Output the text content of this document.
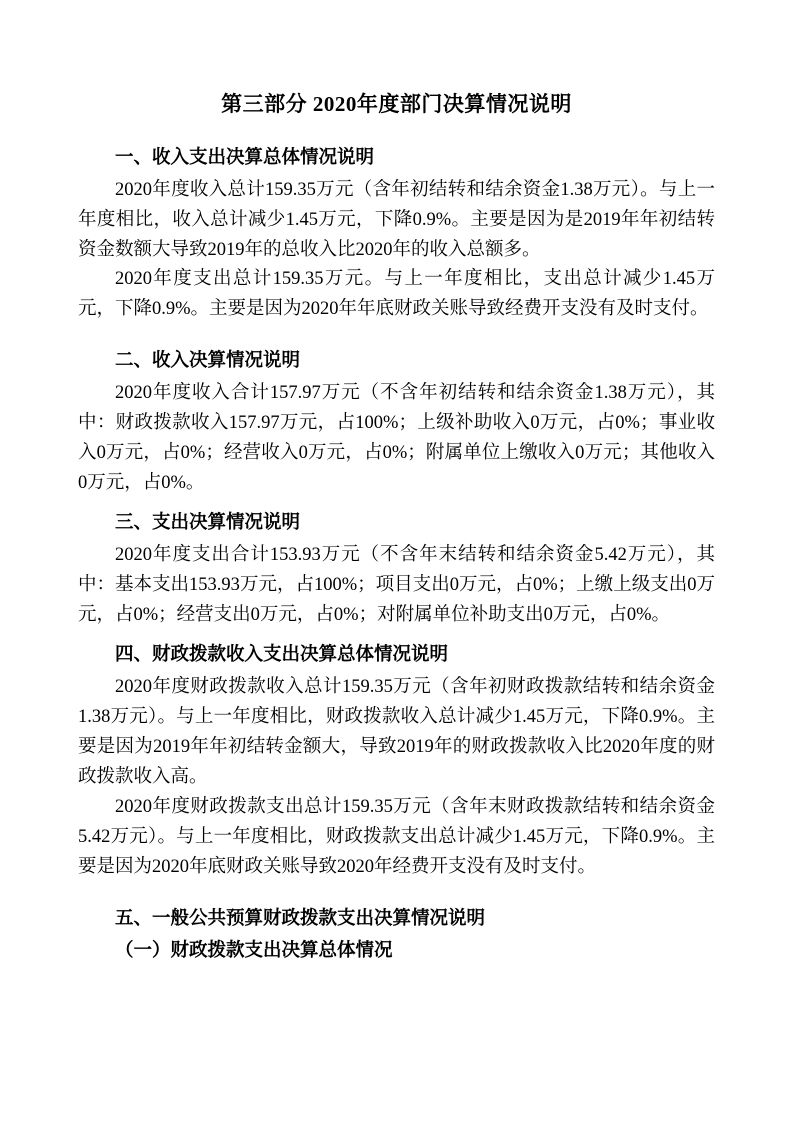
第三部分 2020年度部门决算情况说明
一、收入支出决算总体情况说明

2020年度收入总计159.35万元（含年初结转和结余资金1.38万元）。与上一年度相比，收入总计减少1.45万元，下降0.9%。主要是因为是2019年年初结转资金数额大导致2019年的总收入比2020年的收入总额多。

2020年度支出总计159.35万元。与上一年度相比，支出总计减少1.45万元，下降0.9%。主要是因为2020年年底财政关账导致经费开支没有及时支付。

二、收入决算情况说明

2020年度收入合计157.97万元（不含年初结转和结余资金1.38万元），其中：财政拨款收入157.97万元，占100%；上级补助收入0万元，占0%；事业收入0万元，占0%；经营收入0万元，占0%；附属单位上缴收入0万元；其他收入0万元，占0%。

三、支出决算情况说明

2020年度支出合计153.93万元（不含年末结转和结余资金5.42万元），其中：基本支出153.93万元，占100%；项目支出0万元，占0%；上缴上级支出0万元，占0%；经营支出0万元，占0%；对附属单位补助支出0万元，占0%。

四、财政拨款收入支出决算总体情况说明

2020年度财政拨款收入总计159.35万元（含年初财政拨款结转和结余资金1.38万元）。与上一年度相比，财政拨款收入总计减少1.45万元，下降0.9%。主要是因为2019年年初结转金额大，导致2019年的财政拨款收入比2020年度的财政拨款收入高。

2020年度财政拨款支出总计159.35万元（含年末财政拨款结转和结余资金5.42万元）。与上一年度相比，财政拨款支出总计减少1.45万元，下降0.9%。主要是因为2020年底财政关账导致2020年经费开支没有及时支付。

五、一般公共预算财政拨款支出决算情况说明
（一）财政拨款支出决算总体情况
